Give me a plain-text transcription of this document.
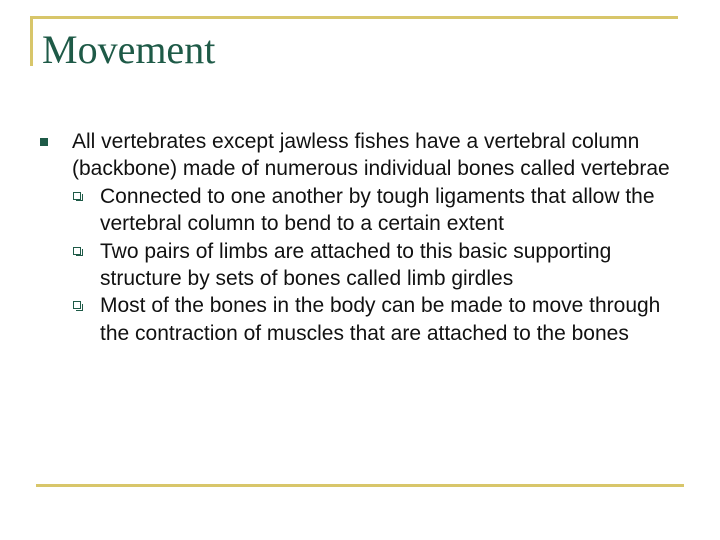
Movement
All vertebrates except jawless fishes have a vertebral column (backbone) made of numerous individual bones called vertebrae
Connected to one another by tough ligaments that allow the vertebral column to bend to a certain extent
Two pairs of limbs are attached to this basic supporting structure by sets of bones called limb girdles
Most of the bones in the body can be made to move through the contraction of muscles that are attached to the bones
